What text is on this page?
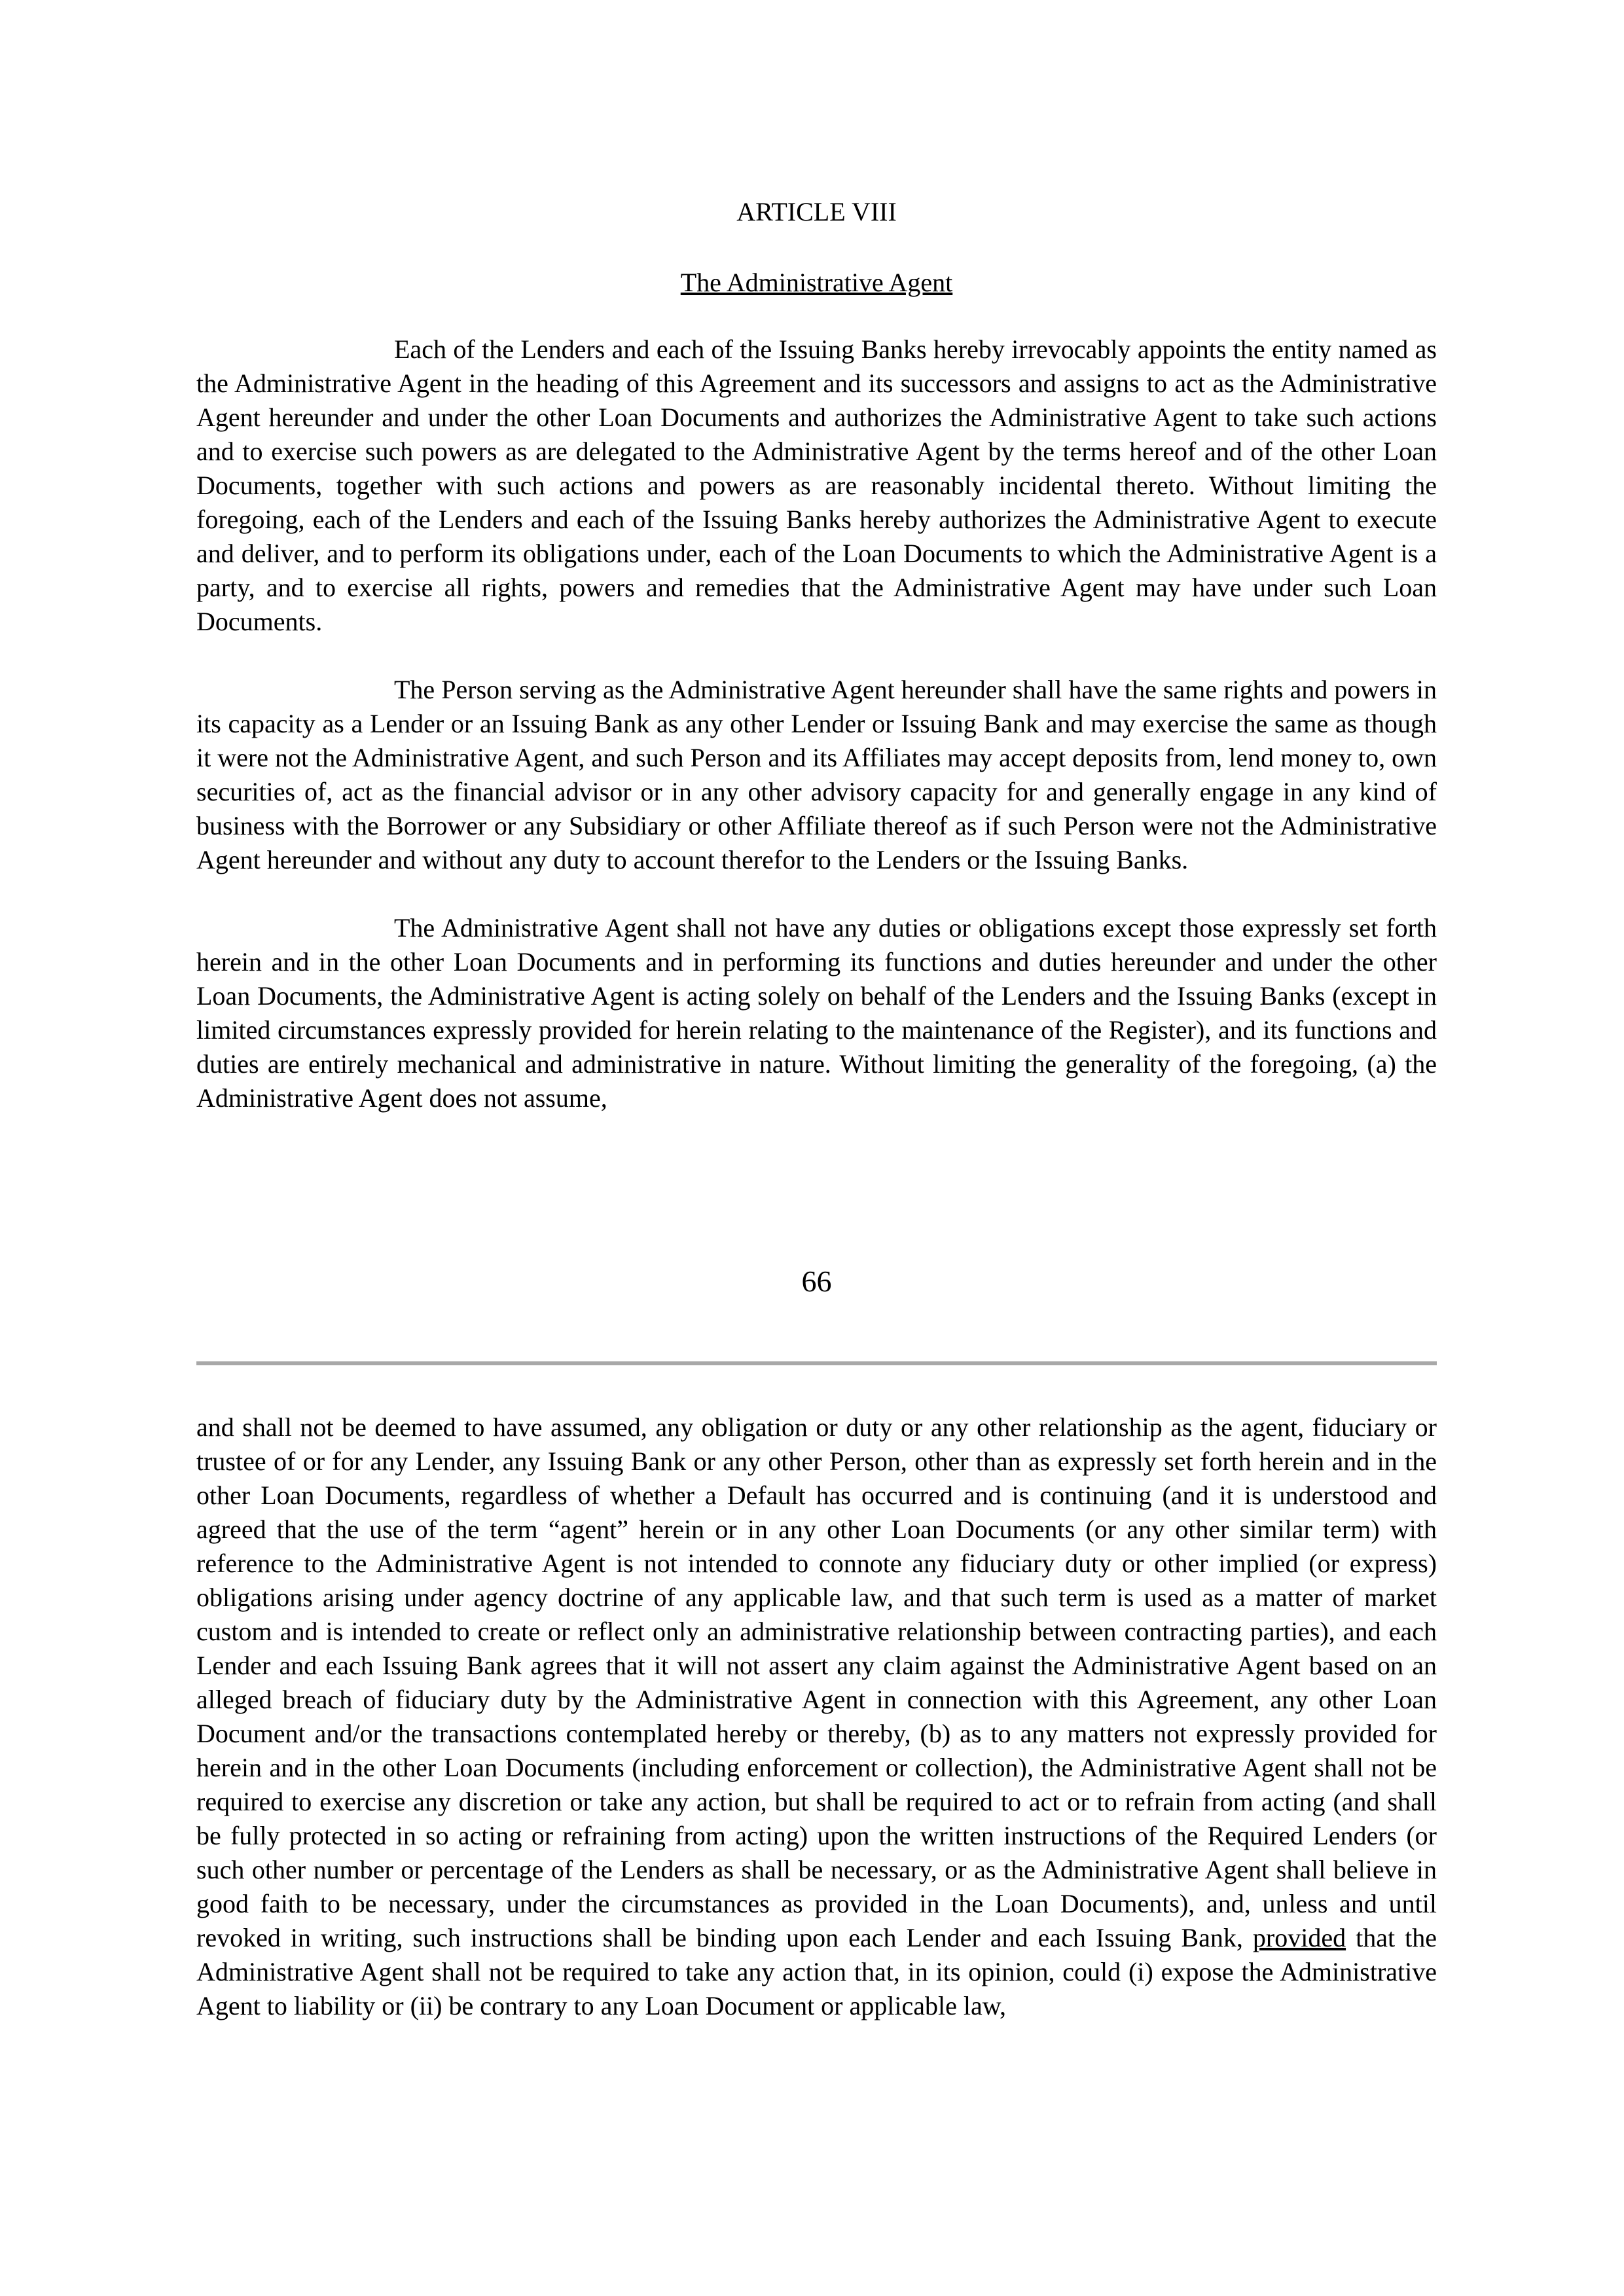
ARTICLE VIII

The Administrative Agent

Each of the Lenders and each of the Issuing Banks hereby irrevocably appoints the entity named as the Administrative Agent in the heading of this Agreement and its successors and assigns to act as the Administrative Agent hereunder and under the other Loan Documents and authorizes the Administrative Agent to take such actions and to exercise such powers as are delegated to the Administrative Agent by the terms hereof and of the other Loan Documents, together with such actions and powers as are reasonably incidental thereto. Without limiting the foregoing, each of the Lenders and each of the Issuing Banks hereby authorizes the Administrative Agent to execute and deliver, and to perform its obligations under, each of the Loan Documents to which the Administrative Agent is a party, and to exercise all rights, powers and remedies that the Administrative Agent may have under such Loan Documents.

The Person serving as the Administrative Agent hereunder shall have the same rights and powers in its capacity as a Lender or an Issuing Bank as any other Lender or Issuing Bank and may exercise the same as though it were not the Administrative Agent, and such Person and its Affiliates may accept deposits from, lend money to, own securities of, act as the financial advisor or in any other advisory capacity for and generally engage in any kind of business with the Borrower or any Subsidiary or other Affiliate thereof as if such Person were not the Administrative Agent hereunder and without any duty to account therefor to the Lenders or the Issuing Banks.

The Administrative Agent shall not have any duties or obligations except those expressly set forth herein and in the other Loan Documents and in performing its functions and duties hereunder and under the other Loan Documents, the Administrative Agent is acting solely on behalf of the Lenders and the Issuing Banks (except in limited circumstances expressly provided for herein relating to the maintenance of the Register), and its functions and duties are entirely mechanical and administrative in nature. Without limiting the generality of the foregoing, (a) the Administrative Agent does not assume,

66

and shall not be deemed to have assumed, any obligation or duty or any other relationship as the agent, fiduciary or trustee of or for any Lender, any Issuing Bank or any other Person, other than as expressly set forth herein and in the other Loan Documents, regardless of whether a Default has occurred and is continuing (and it is understood and agreed that the use of the term “agent” herein or in any other Loan Documents (or any other similar term) with reference to the Administrative Agent is not intended to connote any fiduciary duty or other implied (or express) obligations arising under agency doctrine of any applicable law, and that such term is used as a matter of market custom and is intended to create or reflect only an administrative relationship between contracting parties), and each Lender and each Issuing Bank agrees that it will not assert any claim against the Administrative Agent based on an alleged breach of fiduciary duty by the Administrative Agent in connection with this Agreement, any other Loan Document and/or the transactions contemplated hereby or thereby, (b) as to any matters not expressly provided for herein and in the other Loan Documents (including enforcement or collection), the Administrative Agent shall not be required to exercise any discretion or take any action, but shall be required to act or to refrain from acting (and shall be fully protected in so acting or refraining from acting) upon the written instructions of the Required Lenders (or such other number or percentage of the Lenders as shall be necessary, or as the Administrative Agent shall believe in good faith to be necessary, under the circumstances as provided in the Loan Documents), and, unless and until revoked in writing, such instructions shall be binding upon each Lender and each Issuing Bank, provided that the Administrative Agent shall not be required to take any action that, in its opinion, could (i) expose the Administrative Agent to liability or (ii) be contrary to any Loan Document or applicable law,
